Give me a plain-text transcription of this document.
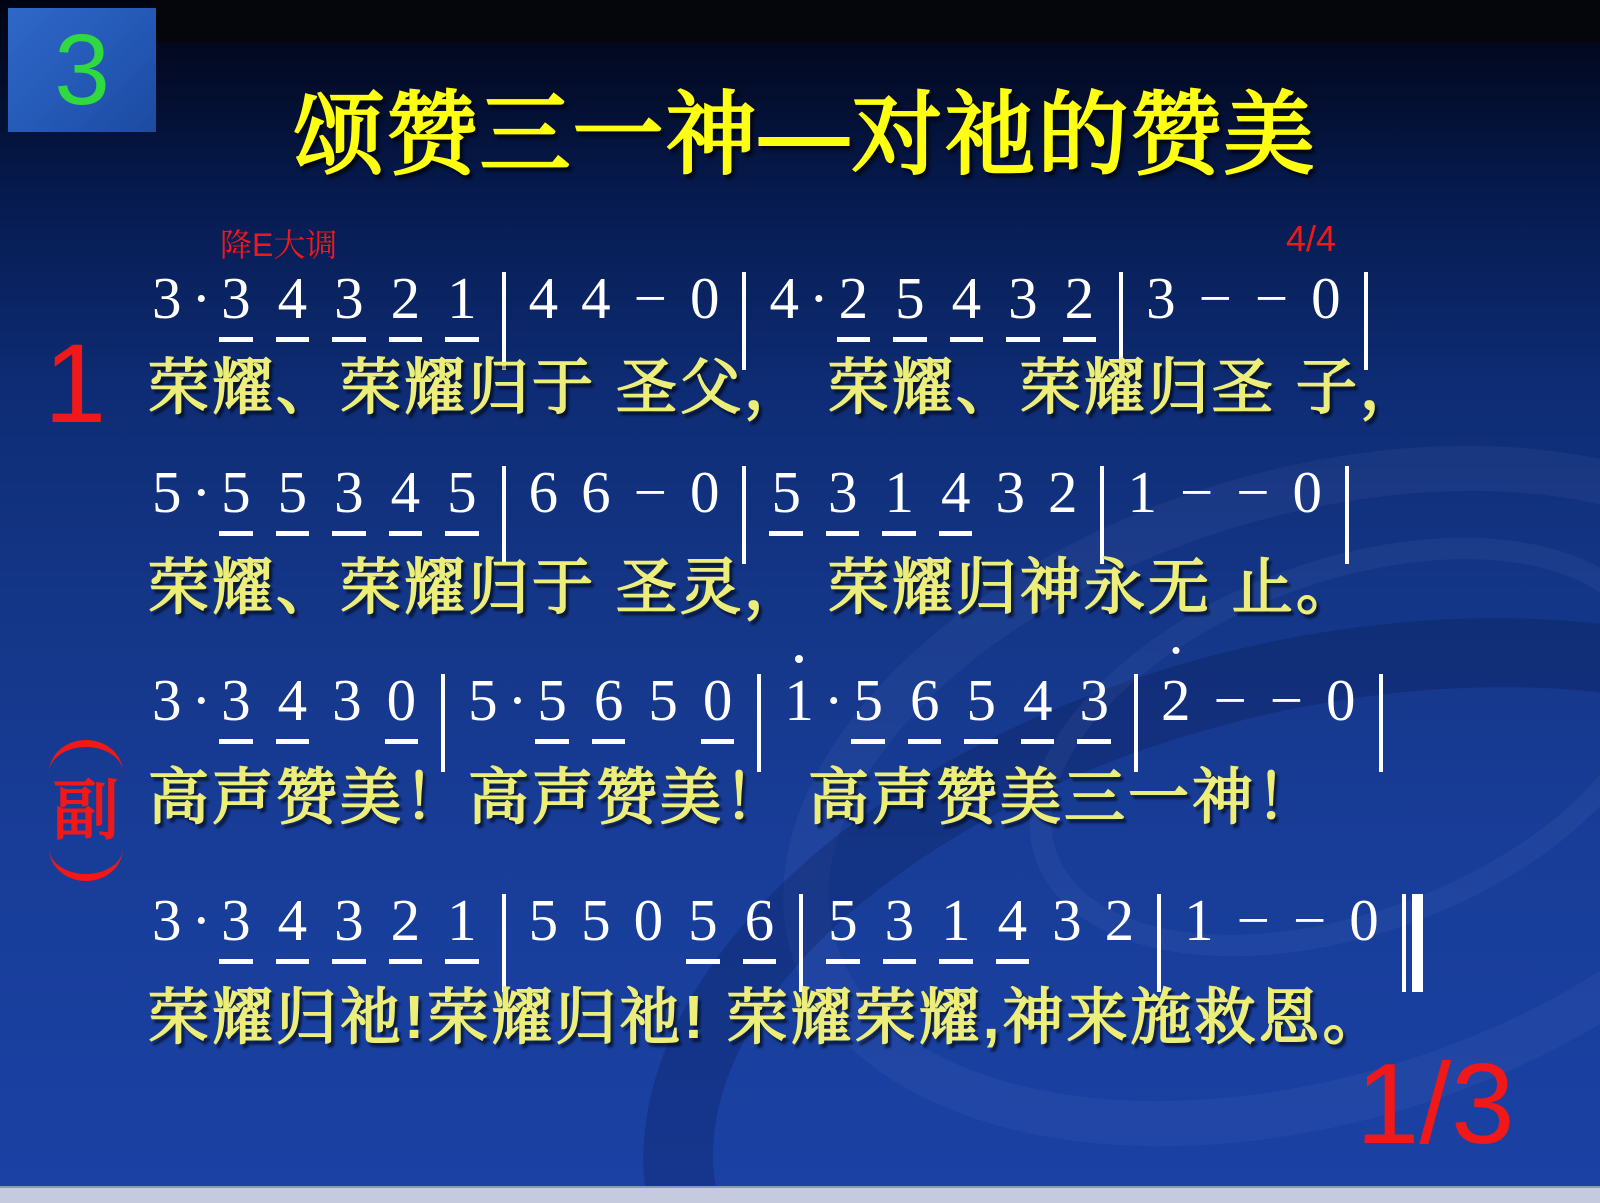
3
颂赞三一神—对祂的赞美
降E大调	4/4
1
副
3 · 3 4 3 2 1 4 4 − 0 4 · 2 5 4 3 2 3 − − 0
荣耀、荣耀归于 圣父， 荣耀、荣耀归圣 子，
5 · 5 5 3 4 5 6 6 − 0 5 3 1 4 3 2 1 − − 0
荣耀、荣耀归于 圣灵， 荣耀归神永无 止。
3 · 3 4 3 0 5 · 5 6 5 0 1 · 5 6 5 4 3 2 − − 0
高声赞美！高声赞美！ 高声赞美三一神！
3 · 3 4 3 2 1 5 5 0 5 6 5 3 1 4 3 2 1 − − 0
荣耀归祂!荣耀归祂! 荣耀荣耀,神来施救恩。
1/3
